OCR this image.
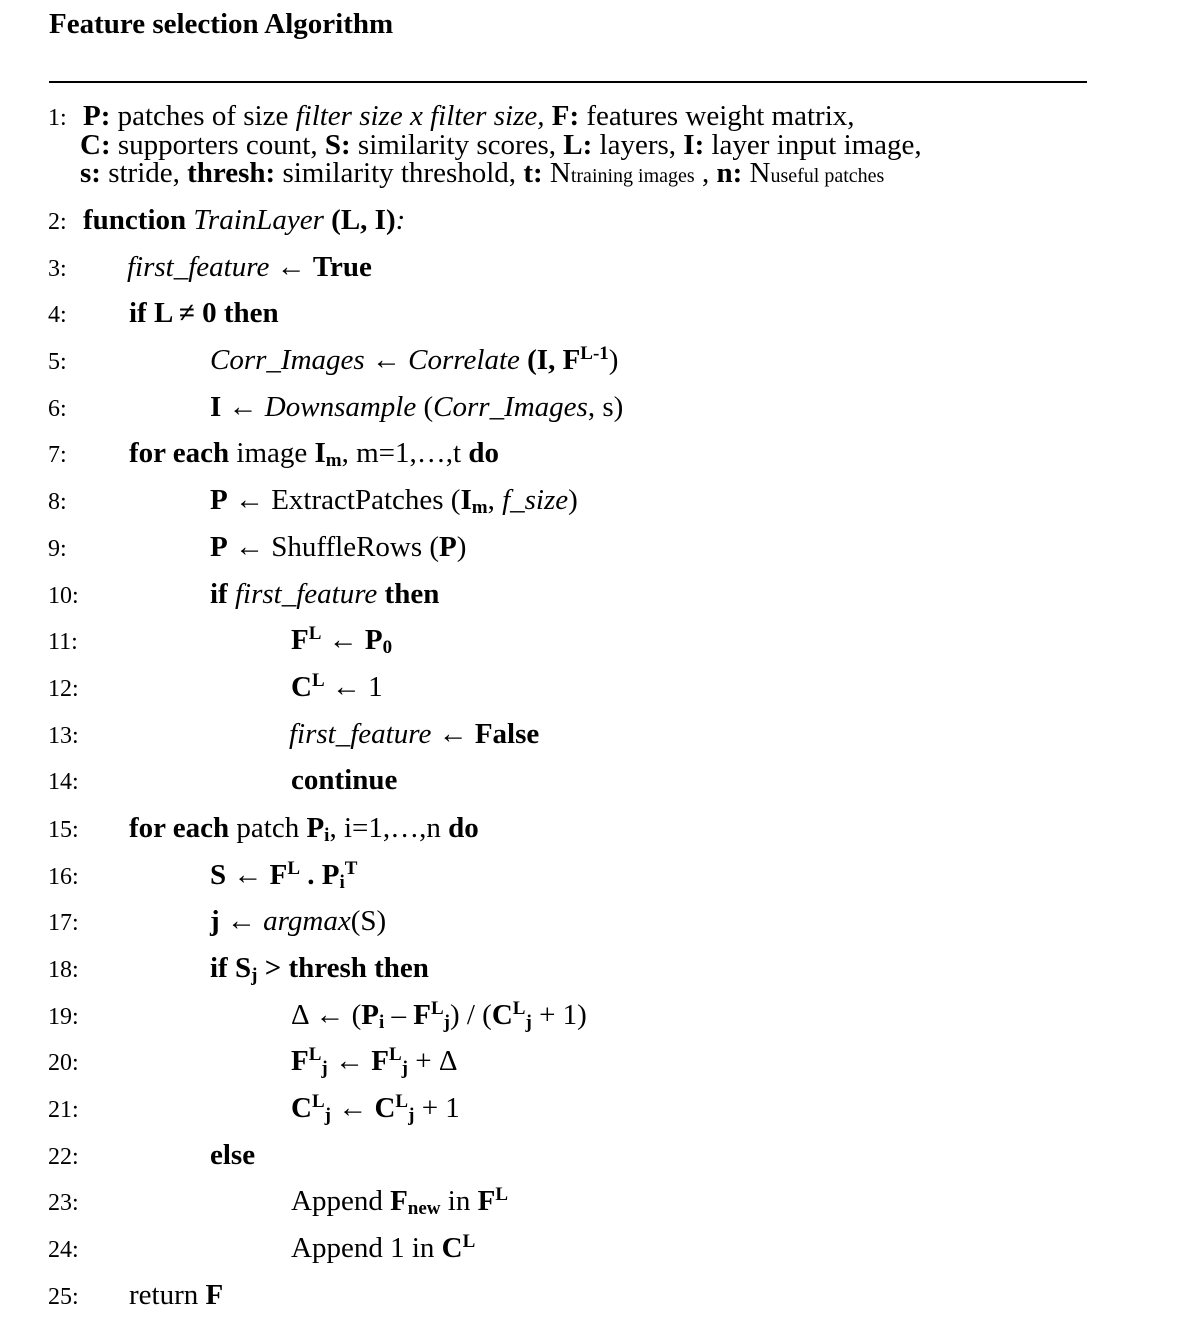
Feature selection Algorithm
1: P: patches of size filter size x filter size, F: features weight matrix,
C: supporters count, S: similarity scores, L: layers, I: layer input image,
s: stride, thresh: similarity threshold, t: Ntraining images , n: Nuseful patches
2: function TrainLayer (L, I):
3: first_feature ← True
4: if L ≠ 0 then
5:	Corr_Images ← Correlate (I, $F^{L-1}$)
6:	I ← Downsample (Corr_Images, s)
7: for each image $I_m$, m=1,…,t do
8:	P ← ExtractPatches ($I_m$, f_size)
9:	P ← ShuffleRows (P)
10:	if first_feature then
11:	$F^L$ ← $P_0$
12:	$C^L$ ← 1
13:	first_feature ← False
14:	continue
15: for each patch $P_i$, i=1,…,n do
16:	S ← $F^L$ . $P_i^T$
17:	j ← argmax(S)
18:	if $S_j$ > thresh then
19:	Δ ← $(P_i - F^L_j) / (C^L_j + 1)$
20:	$F^L_j$ ← $F^L_j + \Delta$
21:	$C^L_j$ ← $C^L_j + 1$
22:	else
23:	Append $F_{new}$ in $F^L$
24:	Append 1 in $C^L$
25: return F
